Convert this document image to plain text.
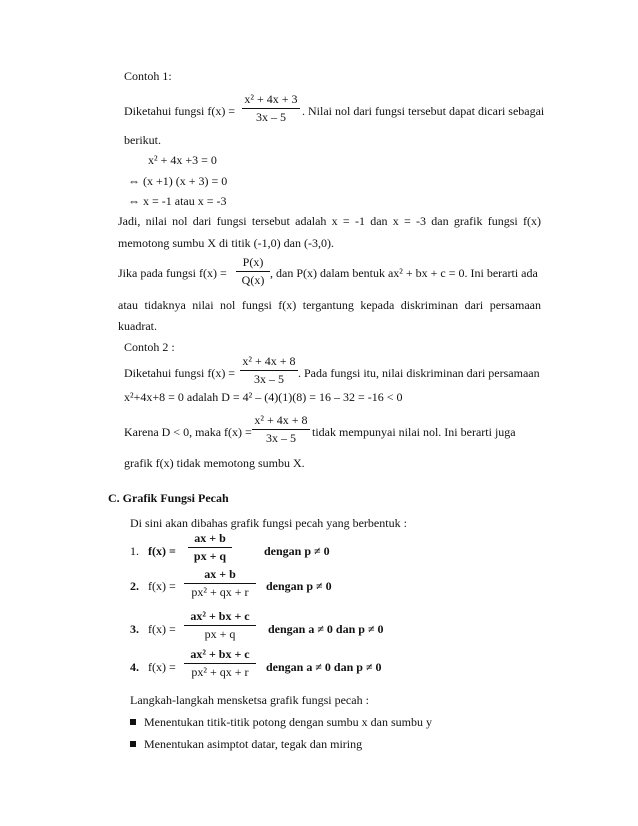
Contoh 1:
Diketahui fungsi f(x) =
x² + 4x + 3
3x – 5	. Nilai nol dari fungsi tersebut dapat dicari sebagai
berikut.
x² + 4x +3 = 0
⇔ (x +1) (x + 3) = 0
⇔ x = -1 atau x = -3
Jadi, nilai nol dari fungsi tersebut adalah x = -1 dan x = -3 dan grafik fungsi f(x)
memotong sumbu X di titik (-1,0) dan (-3,0).
Jika pada fungsi f(x) =
P(x)
Q(x) , dan P(x) dalam bentuk ax² + bx + c = 0. Ini berarti ada
atau tidaknya nilai nol fungsi f(x) tergantung kepada diskriminan dari persamaan
kuadrat.
Contoh 2 :
Diketahui fungsi f(x) =
x² + 4x + 8
3x – 5	. Pada fungsi itu, nilai diskriminan dari persamaan
x²+4x+8 = 0 adalah D = 4² – (4)(1)(8) = 16 – 32 = -16 < 0
Karena D < 0, maka f(x) =
x² + 4x + 8
3x – 5	tidak mempunyai nilai nol. Ini berarti juga
grafik f(x) tidak memotong sumbu X.
C. Grafik Fungsi Pecah
Di sini akan dibahas grafik fungsi pecah yang berbentuk :
1. f(x) =
ax + b
px + q	dengan p ≠ 0
2. f(x) =
ax + b
px² + qx + r	dengan p ≠ 0
3. f(x) =
ax² + bx + c
px + q	dengan a ≠ 0 dan p ≠ 0
4. f(x) =
ax² + bx + c
px² + qx + r	dengan a ≠ 0 dan p ≠ 0
Langkah-langkah mensketsa grafik fungsi pecah :
Menentukan titik-titik potong dengan sumbu x dan sumbu y
Menentukan asimptot datar, tegak dan miring
